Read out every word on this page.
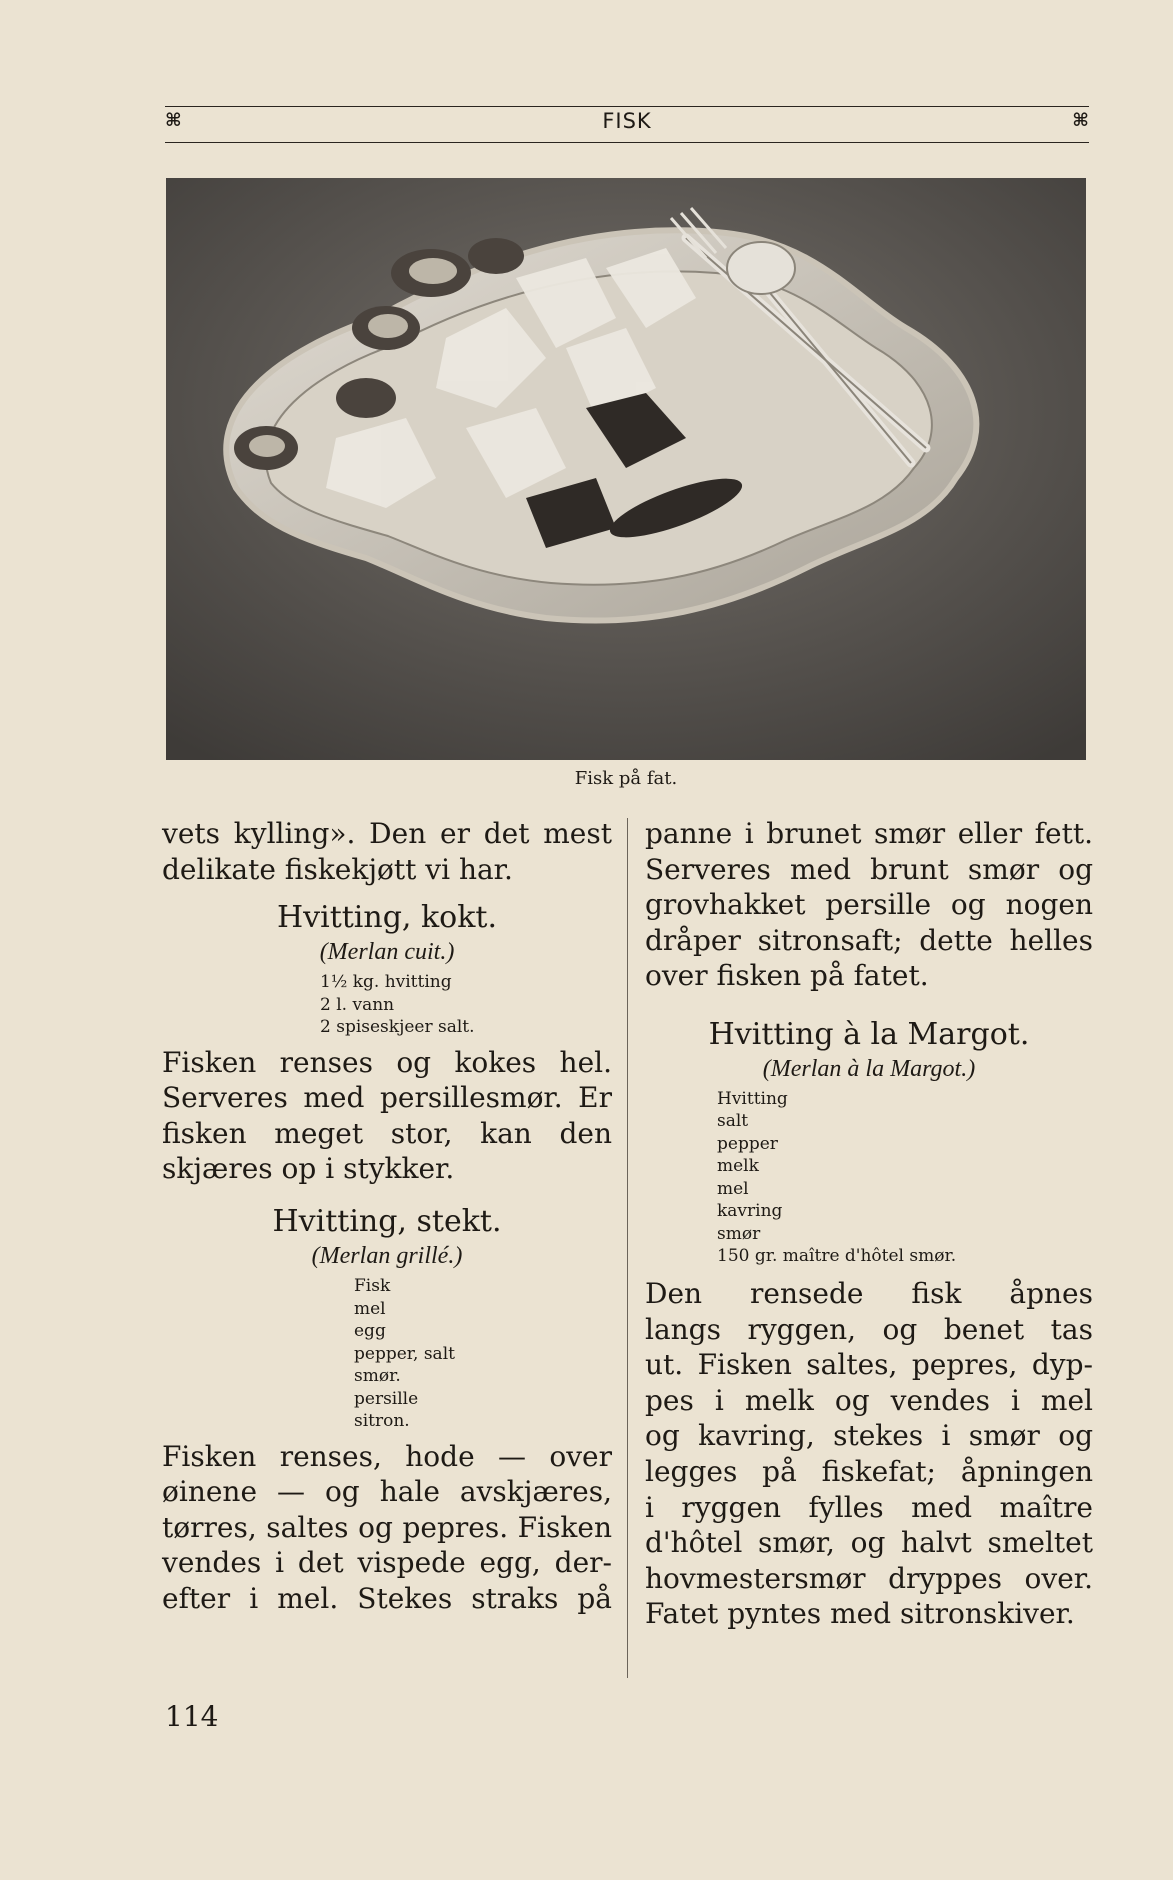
⌘	FISK	⌘
Fisk på fat.
vets kylling». Den er det mest
delikate fiskekjøtt vi har.
Hvitting, kokt.
(Merlan cuit.)
1½ kg. hvitting
2 l. vann
2 spiseskjeer salt.
Fisken renses og kokes hel.
Serveres med persillesmør. Er
fisken meget stor, kan den
skjæres op i stykker.
Hvitting, stekt.
(Merlan grillé.)
Fisk
mel
egg
pepper, salt
smør.
persille
sitron.
Fisken renses, hode — over
øinene — og hale avskjæres,
tørres, saltes og pepres. Fisken
vendes i det vispede egg, der-
efter i mel. Stekes straks på
panne i brunet smør eller fett.
Serveres med brunt smør og
grovhakket persille og nogen
dråper sitronsaft; dette helles
over fisken på fatet.
Hvitting à la Margot.
(Merlan à la Margot.)
Hvitting
salt
pepper
melk
mel
kavring
smør
150 gr. maître d'hôtel smør.
Den rensede fisk åpnes
langs ryggen, og benet tas
ut. Fisken saltes, pepres, dyp-
pes i melk og vendes i mel
og kavring, stekes i smør og
legges på fiskefat; åpningen
i ryggen fylles med maître
d'hôtel smør, og halvt smeltet
hovmestersmør dryppes over.
Fatet pyntes med sitronskiver.
114
